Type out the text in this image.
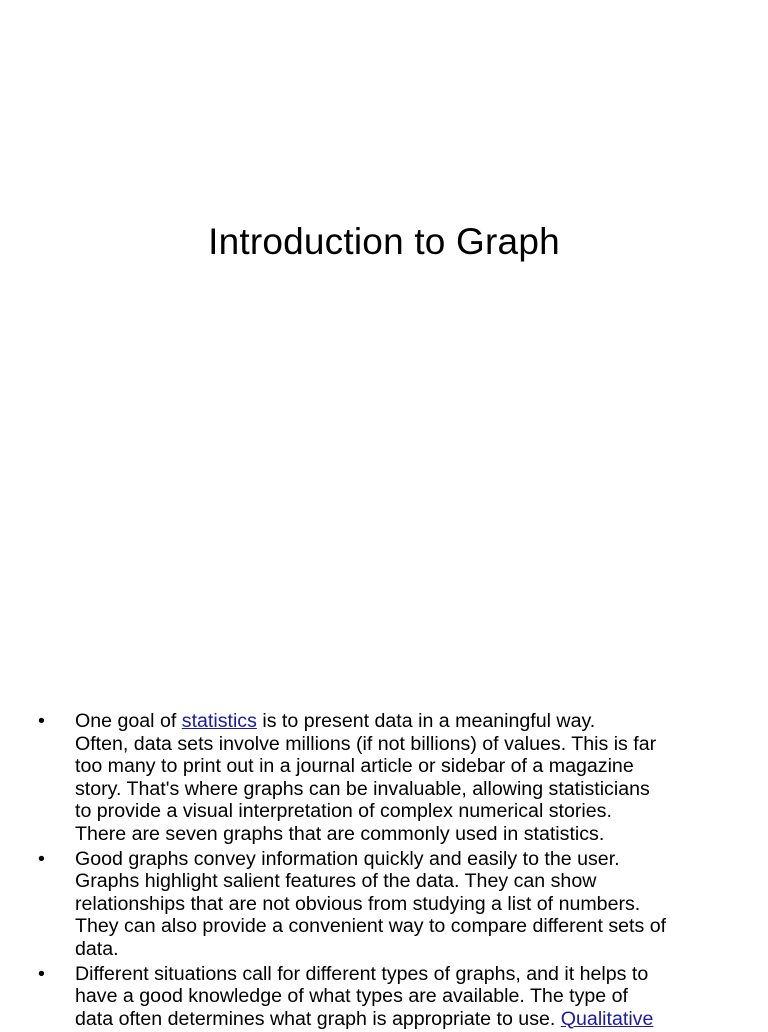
Introduction to Graph
•	One goal of statistics is to present data in a meaningful way.
Often, data sets involve millions (if not billions) of values. This is far
too many to print out in a journal article or sidebar of a magazine
story. That's where graphs can be invaluable, allowing statisticians
to provide a visual interpretation of complex numerical stories.
There are seven graphs that are commonly used in statistics.
•	Good graphs convey information quickly and easily to the user.
Graphs highlight salient features of the data. They can show
relationships that are not obvious from studying a list of numbers.
They can also provide a convenient way to compare different sets of
data.
•	Different situations call for different types of graphs, and it helps to
have a good knowledge of what types are available. The type of
data often determines what graph is appropriate to use. Qualitative
